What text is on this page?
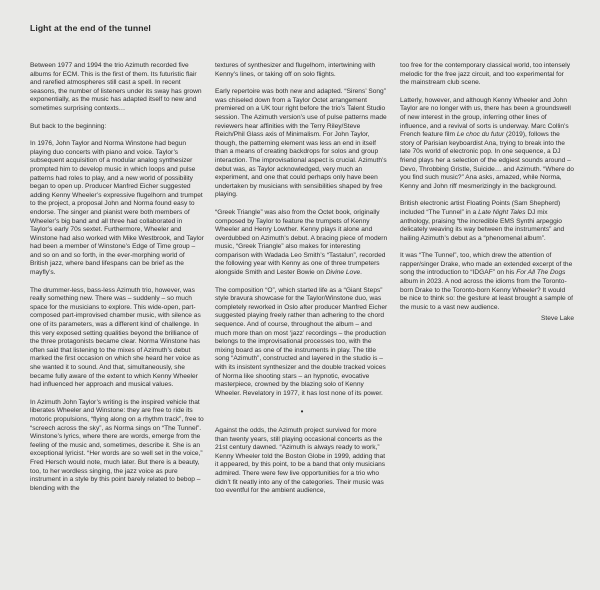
Light at the end of the tunnel

Between 1977 and 1994 the trio Azimuth recorded five albums for ECM. This is the first of them. Its futuristic flair and rarefied atmospheres still cast a spell. In recent seasons, the number of listeners under its sway has grown exponentially, as the music has adapted itself to new and sometimes surprising contexts…

But back to the beginning:

In 1976, John Taylor and Norma Winstone had begun playing duo concerts with piano and voice. Taylor’s subsequent acquisition of a modular analog synthesizer prompted him to develop music in which loops and pulse patterns had roles to play, and a new world of possibility began to open up. Producer Manfred Eicher suggested adding Kenny Wheeler’s expressive flugelhorn and trumpet to the project, a proposal John and Norma found easy to endorse. The singer and pianist were both members of Wheeler’s big band and all three had collaborated in Taylor’s early 70s sextet. Furthermore, Wheeler and Winstone had also worked with Mike Westbrook, and Taylor had been a member of Winstone’s Edge of Time group – and so on and so forth, in the ever-morphing world of British jazz, where band lifespans can be brief as the mayfly’s.

The drummer-less, bass-less Azimuth trio, however, was really something new. There was – suddenly – so much space for the musicians to explore. This wide-open, part-composed part-improvised chamber music, with silence as one of its parameters, was a different kind of challenge. In this very exposed setting qualities beyond the brilliance of the three protagonists became clear. Norma Winstone has often said that listening to the mixes of Azimuth’s debut marked the first occasion on which she heard her voice as she wanted it to sound. And that, simultaneously, she became fully aware of the extent to which Kenny Wheeler had influenced her approach and musical values.

In Azimuth John Taylor’s writing is the inspired vehicle that liberates Wheeler and Winstone: they are free to ride its motoric propulsions, “flying along on a rhythm track”, free to “screech across the sky”, as Norma sings on “The Tunnel”. Winstone’s lyrics, where there are words, emerge from the feeling of the music and, sometimes, describe it. She is an exceptional lyricist. “Her words are so well set in the voice,” Fred Hersch would note, much later. But there is a beauty, too, to her wordless singing, the jazz voice as pure instrument in a style by this point barely related to bebop – blending with the

textures of synthesizer and flugelhorn, intertwining with Kenny’s lines, or taking off on solo flights.

Early repertoire was both new and adapted. “Sirens’ Song” was chiseled down from a Taylor Octet arrangement premiered on a UK tour right before the trio’s Talent Studio session. The Azimuth version’s use of pulse patterns made reviewers hear affinities with the Terry Riley/Steve Reich/Phil Glass axis of Minimalism. For John Taylor, though, the patterning element was less an end in itself than a means of creating backdrops for solos and group interaction. The improvisational aspect is crucial. Azimuth’s debut was, as Taylor acknowledged, very much an experiment, and one that could perhaps only have been undertaken by musicians with sensibilities shaped by free playing.

“Greek Triangle” was also from the Octet book, originally composed by Taylor to feature the trumpets of Kenny Wheeler and Henry Lowther. Kenny plays it alone and overdubbed on Azimuth’s debut. A bracing piece of modern music, “Greek Triangle” also makes for interesting comparison with Wadada Leo Smith’s “Tastalun”, recorded the following year with Kenny as one of three trumpeters alongside Smith and Lester Bowie on Divine Love.

The composition “O”, which started life as a “Giant Steps” style bravura showcase for the Taylor/Winstone duo, was completely reworked in Oslo after producer Manfred Eicher suggested playing freely rather than adhering to the chord sequence. And of course, throughout the album – and much more than on most ‘jazz’ recordings – the production belongs to the improvisational processes too, with the mixing board as one of the instruments in play. The title song “Azimuth”, constructed and layered in the studio is – with its insistent synthesizer and the double tracked voices of Norma like shooting stars – an hypnotic, evocative masterpiece, crowned by the blazing solo of Kenny Wheeler. Revelatory in 1977, it has lost none of its power.

•

Against the odds, the Azimuth project survived for more than twenty years, still playing occasional concerts as the 21st century dawned. “Azimuth is always ready to work,” Kenny Wheeler told the Boston Globe in 1999, adding that it appeared, by this point, to be a band that only musicians admired. There were few live opportunities for a trio who didn’t fit neatly into any of the categories. Their music was too eventful for the ambient audience,

too free for the contemporary classical world, too intensely melodic for the free jazz circuit, and too experimental for the mainstream club scene.

Latterly, however, and although Kenny Wheeler and John Taylor are no longer with us, there has been a groundswell of new interest in the group, inferring other lines of influence, and a revival of sorts is underway. Marc Collin’s French feature film Le choc du futur (2019), follows the story of Parisian keyboardist Ana, trying to break into the late 70s world of electronic pop. In one sequence, a DJ friend plays her a selection of the edgiest sounds around – Devo, Throbbing Gristle, Suicide… and Azimuth. “Where do you find such music?” Ana asks, amazed, while Norma, Kenny and John riff mesmerizingly in the background.

British electronic artist Floating Points (Sam Shepherd) included “The Tunnel” in a Late Night Tales DJ mix anthology, praising “the incredible EMS Synthi arpeggio delicately weaving its way between the instruments” and hailing Azimuth’s debut as a “phenomenal album”.

It was “The Tunnel”, too, which drew the attention of rapper/singer Drake, who made an extended excerpt of the song the introduction to “IDGAF” on his For All The Dogs album in 2023. A nod across the idioms from the Toronto-born Drake to the Toronto-born Kenny Wheeler? It would be nice to think so: the gesture at least brought a sample of the music to a vast new audience.

Steve Lake
